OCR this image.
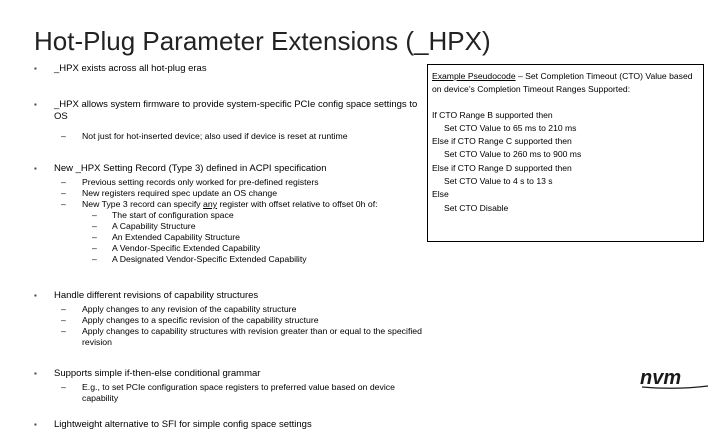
Hot-Plug Parameter Extensions (_HPX)
▪ _HPX exists across all hot-plug eras
▪ _HPX allows system firmware to provide system-specific PCIe config space settings to OS
– Not just for hot-inserted device; also used if device is reset at runtime
▪ New _HPX Setting Record (Type 3) defined in ACPI specification
– Previous setting records only worked for pre-defined registers
– New registers required spec update an OS change
– New Type 3 record can specify any register with offset relative to offset 0h of:
– The start of configuration space
– A Capability Structure
– An Extended Capability Structure
– A Vendor-Specific Extended Capability
– A Designated Vendor-Specific Extended Capability
▪ Handle different revisions of capability structures
– Apply changes to any revision of the capability structure
– Apply changes to a specific revision of the capability structure
– Apply changes to capability structures with revision greater than or equal to the specified revision
▪ Supports simple if-then-else conditional grammar
– E.g., to set PCIe configuration space registers to preferred value based on device capability
▪ Lightweight alternative to SFI for simple config space settings
Example Pseudocode – Set Completion Timeout (CTO) Value based on device’s Completion Timeout Ranges Supported:
If CTO Range B supported then
Set CTO Value to 65 ms to 210 ms
Else if CTO Range C supported then
Set CTO Value to 260 ms to 900 ms
Else if CTO Range D supported then
Set CTO Value to 4 s to 13 s
Else
Set CTO Disable
nvm
